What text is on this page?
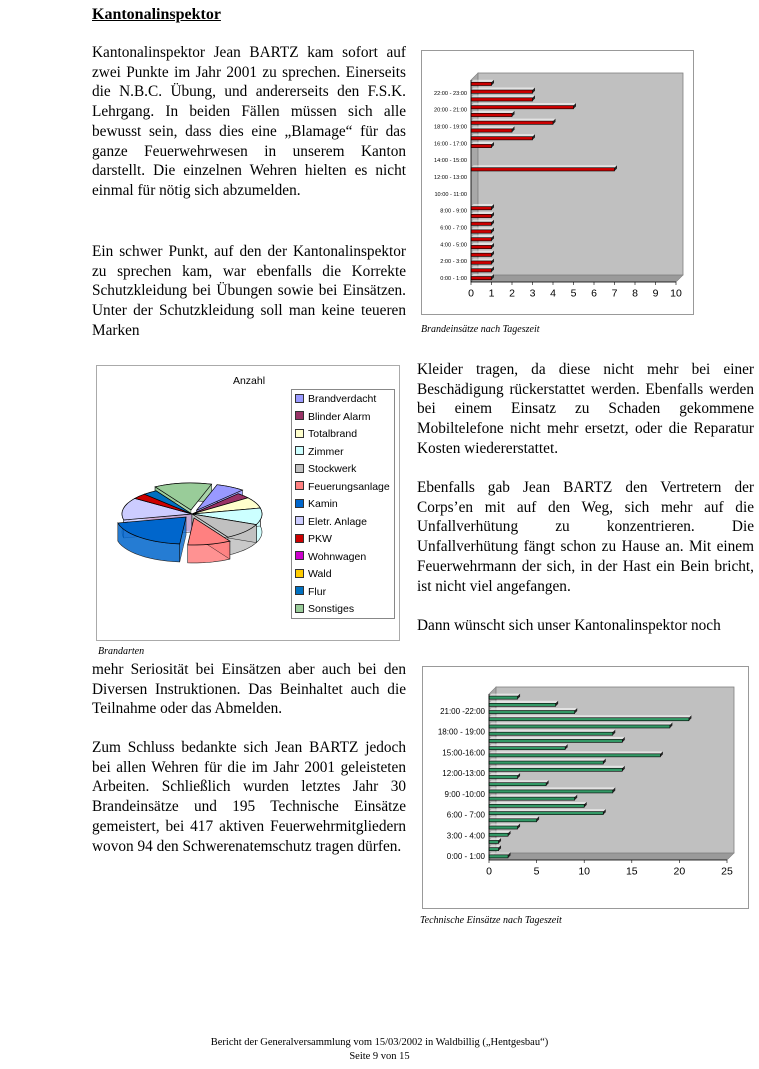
Kantonalinspektor

Kantonalinspektor Jean BARTZ kam sofort auf zwei Punkte im Jahr 2001 zu sprechen. Einerseits die N.B.C. Übung, und andererseits den F.S.K. Lehrgang. In beiden Fällen müssen sich alle bewusst sein, dass dies eine „Blamage“ für das ganze Feuerwehrwesen in unserem Kanton darstellt. Die einzelnen Wehren hielten es nicht einmal für nötig sich abzumelden.

Ein schwer Punkt, auf den der Kantonalinspektor zu sprechen kam, war ebenfalls die Korrekte Schutzkleidung bei Übungen sowie bei Einsätzen. Unter der Schutzkleidung soll man keine teueren Marken

0:00 - 1:00
2:00 - 3:00
4:00 - 5:00
6:00 - 7:00
8:00 - 9:00
10:00 - 11:00
12:00 - 13:00
14:00 - 15:00
16:00 - 17:00
18:00 - 19:00
20:00 - 21:00
22:00 - 23:00
0 1 2 3 4 5 6 7 8 9 10
Brandeinsätze nach Tageszeit
Anzahl
Brandverdacht
Blinder Alarm
Totalbrand
Zimmer
Stockwerk
Feuerungsanlage
Kamin
Eletr. Anlage
PKW
Wohnwagen
Wald
Flur
Sonstiges
Brandarten

Kleider tragen, da diese nicht mehr bei einer Beschädigung rückerstattet werden. Ebenfalls werden bei einem Einsatz zu Schaden gekommene Mobiltelefone nicht mehr ersetzt, oder die Reparatur Kosten wiedererstattet.

Ebenfalls gab Jean BARTZ den Vertretern der Corps’en mit auf den Weg, sich mehr auf die Unfallverhütung zu konzentrieren. Die Unfallverhütung fängt schon zu Hause an. Mit einem Feuerwehrmann der sich, in der Hast ein Bein bricht, ist nicht viel angefangen.

Dann wünscht sich unser Kantonalinspektor noch

mehr Seriosität bei Einsätzen aber auch bei den Diversen Instruktionen. Das Beinhaltet auch die Teilnahme oder das Abmelden.

Zum Schluss bedankte sich Jean BARTZ jedoch bei allen Wehren für die im Jahr 2001 geleisteten Arbeiten. Schließlich wurden letztes Jahr 30 Brandeinsätze und 195 Technische Einsätze gemeistert, bei 417 aktiven Feuerwehrmitgliedern wovon 94 den Schwerenatemschutz tragen dürfen.

0:00 - 1:00
3:00 - 4:00
6:00 - 7:00
9:00 -10:00
12:00-13:00
15:00-16:00
18:00 - 19:00
21:00 -22:00
0	5	10	15	20	25
Technische Einsätze nach Tageszeit
Bericht der Generalversammlung vom 15/03/2002 in Waldbillig („Hentgesbau“)
Seite 9 von 15
